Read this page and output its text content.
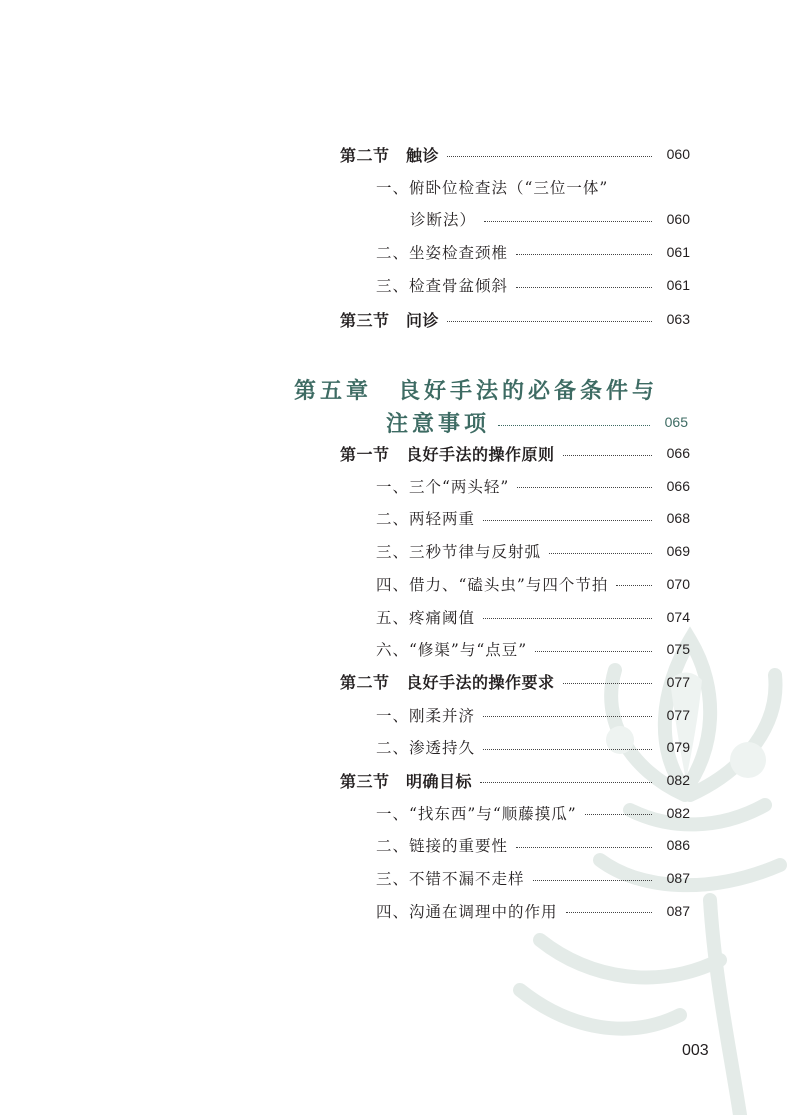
第二节　触诊	060
一、俯卧位检查法（“三位一体”
诊断法）	060
二、坐姿检查颈椎	061
三、检查骨盆倾斜	061
第三节　问诊	063
第五章　良好手法的必备条件与
注意事项	065
第一节　良好手法的操作原则	066
一、三个“两头轻”	066
二、两轻两重	068
三、三秒节律与反射弧	069
四、借力、“磕头虫”与四个节拍	070
五、疼痛阈值	074
六、“修渠”与“点豆”	075
第二节　良好手法的操作要求	077
一、刚柔并济	077
二、渗透持久	079
第三节　明确目标	082
一、“找东西”与“顺藤摸瓜”	082
二、链接的重要性	086
三、不错不漏不走样	087
四、沟通在调理中的作用	087
003
